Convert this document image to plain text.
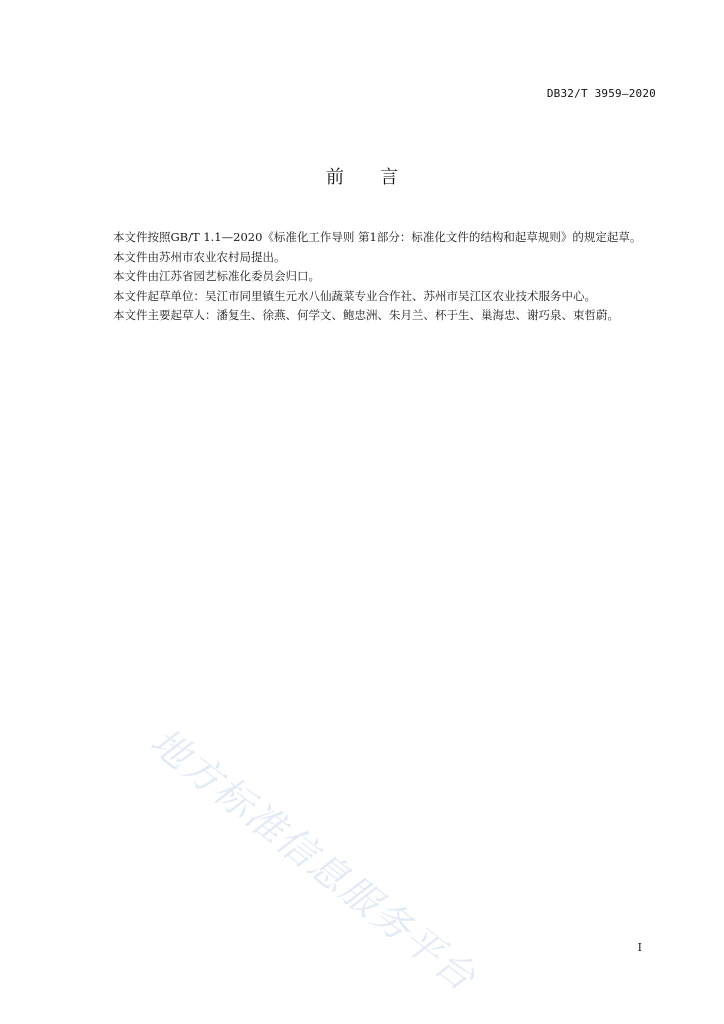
DB32/T 3959—2020
前　　言

本文件按照GB/T 1.1—2020《标准化工作导则 第1部分：标准化文件的结构和起草规则》的规定起草。

本文件由苏州市农业农村局提出。

本文件由江苏省园艺标准化委员会归口。

本文件起草单位：吴江市同里镇生元水八仙蔬菜专业合作社、苏州市吴江区农业技术服务中心。

本文件主要起草人：潘复生、徐燕、何学文、鲍忠洲、朱月兰、杯于生、巢海忠、谢巧泉、束哲蔚。

地方标准信息服务平台	I
